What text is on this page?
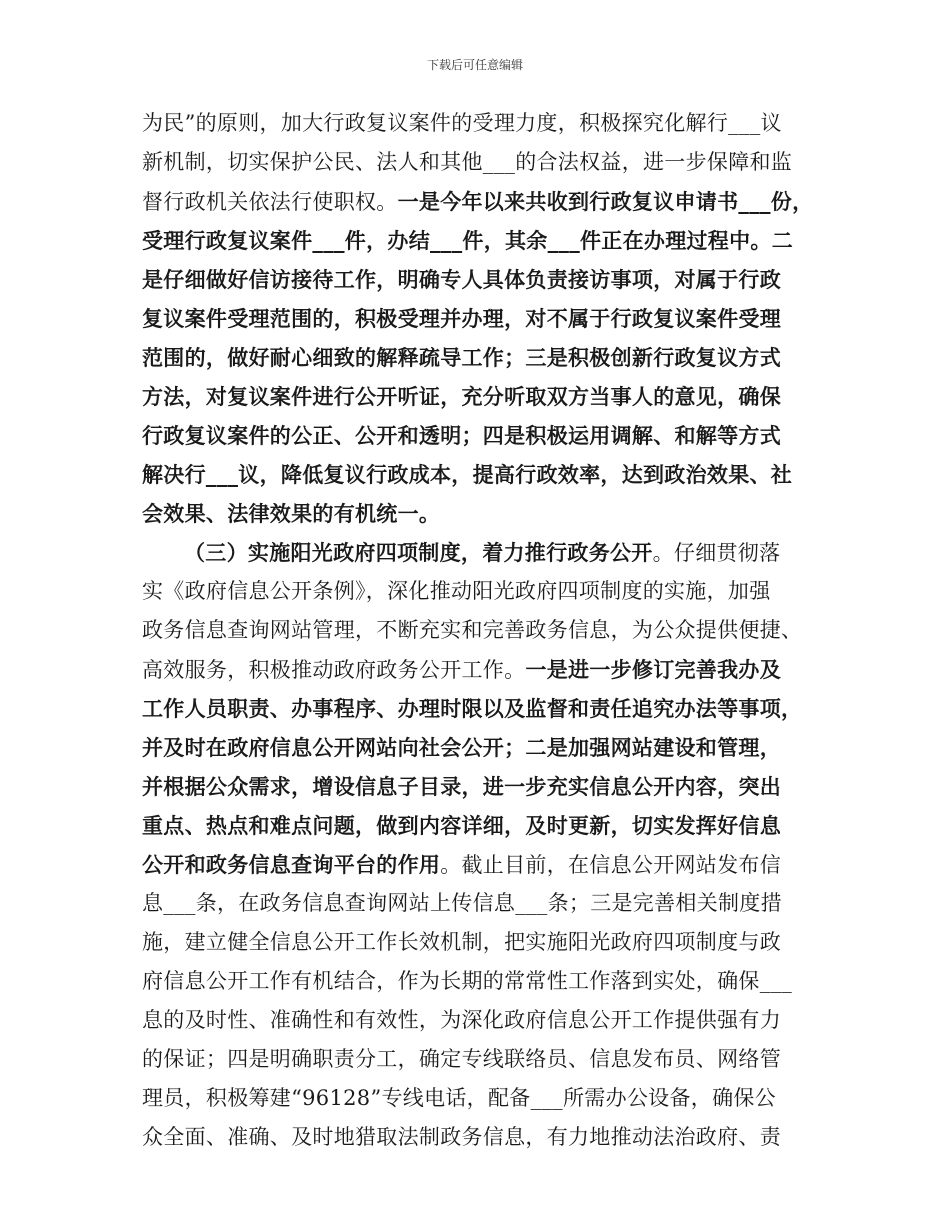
下载后可任意编辑
为民”的原则，加大行政复议案件的受理力度，积极探究化解行___议
新机制，切实保护公民、法人和其他___的合法权益，进一步保障和监
督行政机关依法行使职权。一是今年以来共收到行政复议申请书___份，
受理行政复议案件___件，办结___件，其余___件正在办理过程中。二
是仔细做好信访接待工作，明确专人具体负责接访事项，对属于行政
复议案件受理范围的，积极受理并办理，对不属于行政复议案件受理
范围的，做好耐心细致的解释疏导工作；三是积极创新行政复议方式
方法，对复议案件进行公开听证，充分听取双方当事人的意见，确保
行政复议案件的公正、公开和透明；四是积极运用调解、和解等方式
解决行___议，降低复议行政成本，提高行政效率，达到政治效果、社
会效果、法律效果的有机统一。
（三）实施阳光政府四项制度，着力推行政务公开。仔细贯彻落
实《政府信息公开条例》，深化推动阳光政府四项制度的实施，加强
政务信息查询网站管理，不断充实和完善政务信息，为公众提供便捷、
高效服务，积极推动政府政务公开工作。一是进一步修订完善我办及
工作人员职责、办事程序、办理时限以及监督和责任追究办法等事项，
并及时在政府信息公开网站向社会公开；二是加强网站建设和管理，
并根据公众需求，增设信息子目录，进一步充实信息公开内容，突出
重点、热点和难点问题，做到内容详细，及时更新，切实发挥好信息
公开和政务信息查询平台的作用。截止目前，在信息公开网站发布信
息___条，在政务信息查询网站上传信息___条；三是完善相关制度措
施，建立健全信息公开工作长效机制，把实施阳光政府四项制度与政
府信息公开工作有机结合，作为长期的常常性工作落到实处，确保___
息的及时性、准确性和有效性，为深化政府信息公开工作提供强有力
的保证；四是明确职责分工，确定专线联络员、信息发布员、网络管
理员，积极筹建“96128”专线电话，配备___所需办公设备，确保公
众全面、准确、及时地猎取法制政务信息，有力地推动法治政府、责
